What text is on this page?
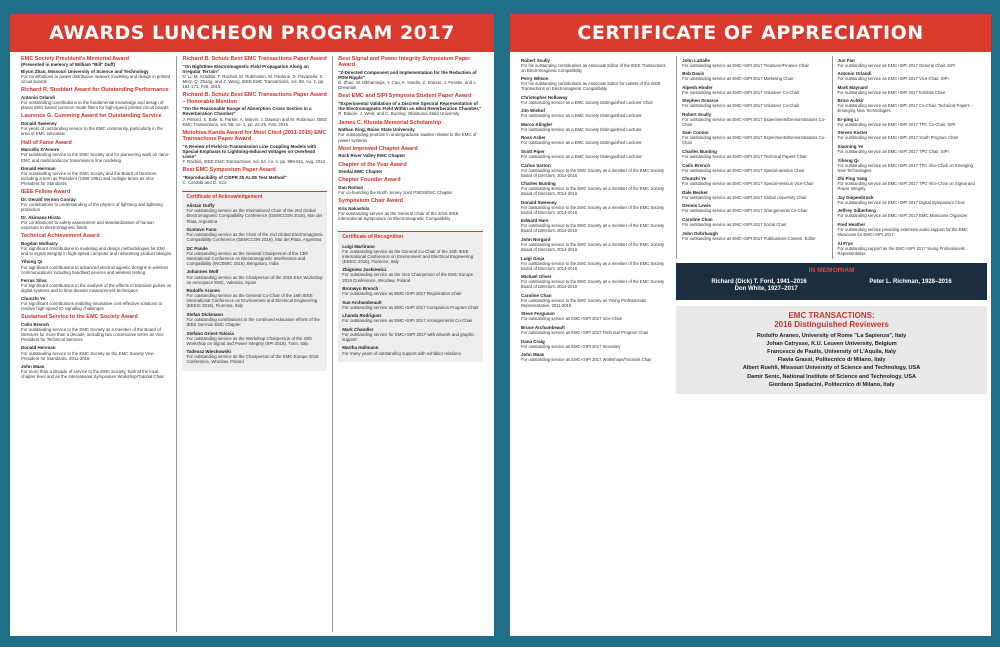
AWARDS LUNCHEON PROGRAM 2017
EMC Society President's Memorial Award
(Presented in memory of William "Bill" Duff)
Biyun Zhao, Missouri University of Science and Technology
For contributions to power distribution network modeling and design in printed circuit boards
Richard R. Stoddart Award for Outstanding Performance
Antonio Orlandi
For outstanding contributions to the fundamental knowledge and design of planar EBG based common mode filters for high-speed printed circuit boards
Laurence G. Cumming Award for Outstanding Service
Donald Sweeney
For years of outstanding service to the EMC community, particularly in the area of EMC education
Hall of Fame Award
Marcello D'Amore
For outstanding service to the EMC Society and for pioneering work on nano-EMC and multiconductor transmission line modeling
Donald Heirman
For outstanding service to the EMC Society and the Board of Directors including a term as President (1980-1981) and multiple terms as Vice President for Standards
IEEE Fellow Award
Dr. Gerald Vernon Cooray
For contributions to understanding of the physics of lightning and lightning protection
Dr. Akimasa Hirata
For contributions to safety assessment and standardization of human exposure to electromagnetic fields
Technical Achievement Award
Bogdan Mutluary
For significant contributions to modeling and design methodologies for EMI and to signal integrity in high-speed computer and networking product designs
Yihong Qi
For significant contributions to advanced electromagnetic designs in wireless communications including handheld devices and wireless testing
Ferras Silva
For significant contributions to the analysis of the effects of transient pulses on digital systems and to time-domain measurement techniques
Chunzhi Ye
For significant contributions enabling innovative cost-effective solutions to resolve high-speed IO signaling challenges
Sustained Service to the EMC Society Award
Colin Brench
For outstanding service to the EMC Society as a member of the Board of Directors for more than a decade, including two consecutive terms as Vice President for Technical Services
Donald Heirman
For outstanding service to the EMC Society as the EMC Society Vice-President for Standards, 2011-2016
John Maas
For more than a decade of service to the EMC Society, both at the local chapter level and as the International Symposium Workshop/Tutorial Chair
Richard B. Schulz Best EMC Transactions Paper Award
"On Nighttime Electromagnetic Field Propagation Along an Irregular Terrain"
D. Li, M. Azadifar, F. Rachidi, M. Rubinstein, M. Paolone, D. Pavanello, S. Metz, Q. Zhang, and Z. Wang, IEEE EMC Transactions, vol. 58, no. 2, pp. 161-171, Feb. 2016
Richard B. Schulz Best EMC Transactions Paper Award – Honorable Mention
"On the Reasonable Range of Absorption Cross Section in a Reverberation Chamber"
J. Pinford, S. Bale, S. Parker, A. Marvin, J. Dawson and M. Robinson, IEEE EMC Transactions, vol. 58, no. 1, pp. 22-29, Feb. 2016
Motohisa Kanda Award for Most Cited (2011-2015) EMC Transactions Paper Award
"A Review of Field-to-Transmission Line Coupling Models with Special Emphasis to Lightning-Induced Voltages on Overhead Lines"
F. Rachidi, IEEE EMC Transactions, vol. 54, no. 4, pp. 898-911, Aug. 2012
Best EMC Symposium Paper Award
"Reproducibility of CISPR 25 ALSE Test Method"
C. Carobbi and D. Izzo
Certificate of Acknowledgement
Alistair Duffy
For outstanding service as the International Chair of the 2nd Global Electromagnetic Compatibility Conference (GEMCCON 2016), Mar del Plata, Argentina
Gustavo Fano
For outstanding service as the Chair of the 2nd Global Electromagnetic Compatibility Conference (GEMCCON 2016), Mar del Plata, Argentina
DC Pande
For outstanding service as the General Chairperson of the 13th International Conference on Electromagnetic Interference and Compatibility (INCEMIC 2016), Bengaluru, India
Johannes Wolf
For outstanding service as the Chairperson of the 2016 ESA Workshop on Aerospace EMC, Valencia, Spain
Rodolfo Araneo
For outstanding service as the General Co-Chair of the 16th IEEE International Conference on Environment and Electrical Engineering (EEEIC 2016), Florence, Italy
Stefan Dickmann
For outstanding contributions to the continued education efforts of the IEEE German EMC Chapter
Stefano Grivet-Talocia
For outstanding service as the Workshop Chairperson of the 20th Workshop on Signal and Power Integrity (SPI 2016), Turin, Italy
Tadeusz Wieckowski
For outstanding service as the Chairperson of the EMC Europe 2016 Conference, Wroclaw, Poland
Best Signal and Power Integrity Symposium Paper Award
"Z-Directed Component and Implementation for the Reduction of PDN Ripple"
B. Zhao, W. Dikhaminjia, Y. Cao, K. Hardin, Z. Kratzer, J. Fessler, and J. Drewniak
Best EMC and SIPI Symposia Student Paper Award
"Experimental Validation of a Discrete Spectral Representation of the Electromagnetic Field Within an Ideal Reverberation Chamber,"
R. Bakore, J. West, and C. Bunting, Oklahoma State University
James C. Klouda Memorial Scholarship
Nathan King, Boise State University
For outstanding promise in undergraduate studies related to the EMC of power systems
Most Improved Chapter Award
Rock River Valley EMC Chapter
Chapter of the Year Award
Sendai EMC Chapter
Chapter Founder Award
Dan Roman
For co-founding the North Jersey Joint PSES/EMC Chapter
Symposium Chair Award
Kris Nakashita
For outstanding service as the General Chair of the 2016 IEEE International Symposium on Electromagnetic Compatibility
Certificate of Recognition
Luigi Martirano
For outstanding service as the General Co-Chair of the 16th IEEE International Conference on Environment and Electrical Engineering (EEEIC 2016), Florence, Italy
Zbigniew Joskiewicz
For outstanding service as the Vice Chairperson of the EMC Europe 2016 Conference, Wroclaw, Poland
Bronwyn Brench
For outstanding service as EMC+SIPI 2017 Registration Chair
Sue Archambeault
For outstanding service as EMC+SIPI 2017 Companion Program Chair
Lhanda Rodriguez
For outstanding service as EMC+SIPI 2017 Arrangements Co-Chair
Mark Chandler
For outstanding service for EMC+SIPI 2017 with artwork and graphic support
Martha Hallmann
For many years of outstanding support with exhibitor relations
CERTIFICATE OF APPRECIATION
Robert Scully
For his outstanding contributions as Associate Editor of the IEEE Transactions on Electromagnetic Compatibility
Perry Wilson
For his outstanding contributions as Associate Editor for Letters of the IEEE Transactions on Electromagnetic Compatibility
Christopher Holloway
For outstanding service as a EMC Society Distinguished Lecturer Chair
Jim Wiebuf
For outstanding service as a EMC Society Distinguished Lecturer
Marco Klingler
For outstanding service as a EMC Society Distinguished Lecturer
Ross Acker
For outstanding service as a EMC Society Distinguished Lecturer
Scott Piper
For outstanding service as a EMC Society Distinguished Lecturer
Carlos Sartori
For outstanding service to the EMC Society as a member of the EMC Society Board of Directors, 2014-2016
Charles Bunting
For outstanding service to the EMC Society as a member of the EMC Society Board of Directors, 2014-2016
Donald Sweeney
For outstanding service to the EMC Society as a member of the EMC Society Board of Directors, 2014-2016
Edward Hare
For outstanding service to the EMC Society as a member of the EMC Society Board of Directors, 2014-2016
John Norgard
For outstanding service to the EMC Society as a member of the EMC Society Board of Directors, 2014-2016
Luigi Gioja
For outstanding service to the EMC Society as a member of the EMC Society Board of Directors, 2014-2016
Michael Oliver
For outstanding service to the EMC Society as a member of the EMC Society Board of Directors, 2014-2016
Caroline Chan
For outstanding service to the EMC Society as Young Professionals Representative, 2011-2016
Steve Ferguson
For outstanding service as EMC+SIPI 2017 Vice-Chair
Bruce Archambeault
For outstanding service as EMC+SIPI 2017 Technical Program Chair
Dana Craig
For outstanding service as EMC+SIPI 2017 Secretary
John Maas
For outstanding service as EMC+SIPI 2017 Workshops/Tutorials Chair
John LaSalle
For outstanding service as EMC+SIPI 2017 Treasurer/Finance Chair
Bob Davis
For outstanding service as EMC+SIPI 2017 Marketing Chair
Alpesh Hinder
For outstanding service as EMC+SIPI 2017 Volunteer Co-Chair
Stephen Scearce
For outstanding service as EMC+SIPI 2017 Volunteer Co-Chair
Robert Scully
For outstanding service as EMC+SIPI 2017 Experiments/Demonstrations Co-Chair
Sam Connor
For outstanding service as EMC+SIPI 2017 Experiments/Demonstrations Co-Chair
Charles Bunting
For outstanding service as EMC+SIPI 2017 Technical Papers Chair
Colin Brench
For outstanding service as EMC+SIPI 2017 Special-session Chair
Chunzhi Ye
For outstanding service as EMC+SIPI 2017 Special-session Vice-Chair
Dale Becker
For outstanding service as EMC+SIPI 2017 Global University Chair
Dennis Lewis
For outstanding service as EMC+SIPI 2017 Arrangements Co-Chair
Caroline Chan
For outstanding service as EMC+SIPI 2017 Social Chair
John Dobrkaugh
For outstanding service as EMC+SIPI 2017 Publications-Content, Editor
Jun Fan
For outstanding service as EMC+SIPI 2017 General Chair, SIPI
Antonio Orlandi
For outstanding service as EMC+SIPI 2017 Vice-Chair, SIPI
Mark Maynard
For outstanding service as EMC+SIPI 2017 Exhibits Chair
Brice Achkir
For outstanding service as EMC+SIPI 2017 Co-Chair, Technical Papers – Emerging New Technologies
Er-ping Li
For outstanding service as EMC+SIPI 2017 TPC Co-Chair, SIPI
Steven Kester
For outstanding service as EMC+SIPI 2017 Youth Program Chair
Xiaoning Ye
For outstanding service as EMC+SIPI 2017 TPC Chair, SIPI
Yihong Qi
For outstanding service as EMC+SIPI 2017 TPC Vice-Chair on Emerging New Technologies
Zhi Ping Yang
For outstanding service as EMC+SIPI 2017 TPC Vice-Chair on Signal and Power Integrity
Jay Diepenbrock
For outstanding service as EMC+SIPI 2017 Digital Symposium Chair
Jeffrey Silberberg
For outstanding service as EMC+SIPI 2017 EMC Musicians Organizer
Fred Heather
For outstanding service providing extensive audio support for the EMC Musicians for EMC+SIPI 2017
Al Frye
For outstanding support as the EMC+SIPI 2017 Young Professionals Representative
IN MEMORIAM
Richard (Dick) T. Ford, 1941–2016	Peter L. Richman, 1928–2016
Don White, 1927–2017
EMC TRANSACTIONS:
2016 Distinguished Reviewers
Rodolfo Araneo, University of Rome "La Sapienza", Italy
Johan Catrysse, K.U. Leuven University, Belgium
Francesco de Paulis, University of L'Aquila, Italy
Flavia Grassi, Politecnico di Milano, Italy
Albert Ruehli, Missouri University of Science and Technology, USA
Damir Senic, National Institute of Science and Technology, USA
Giordano Spadacini, Politecnico di Milano, Italy
